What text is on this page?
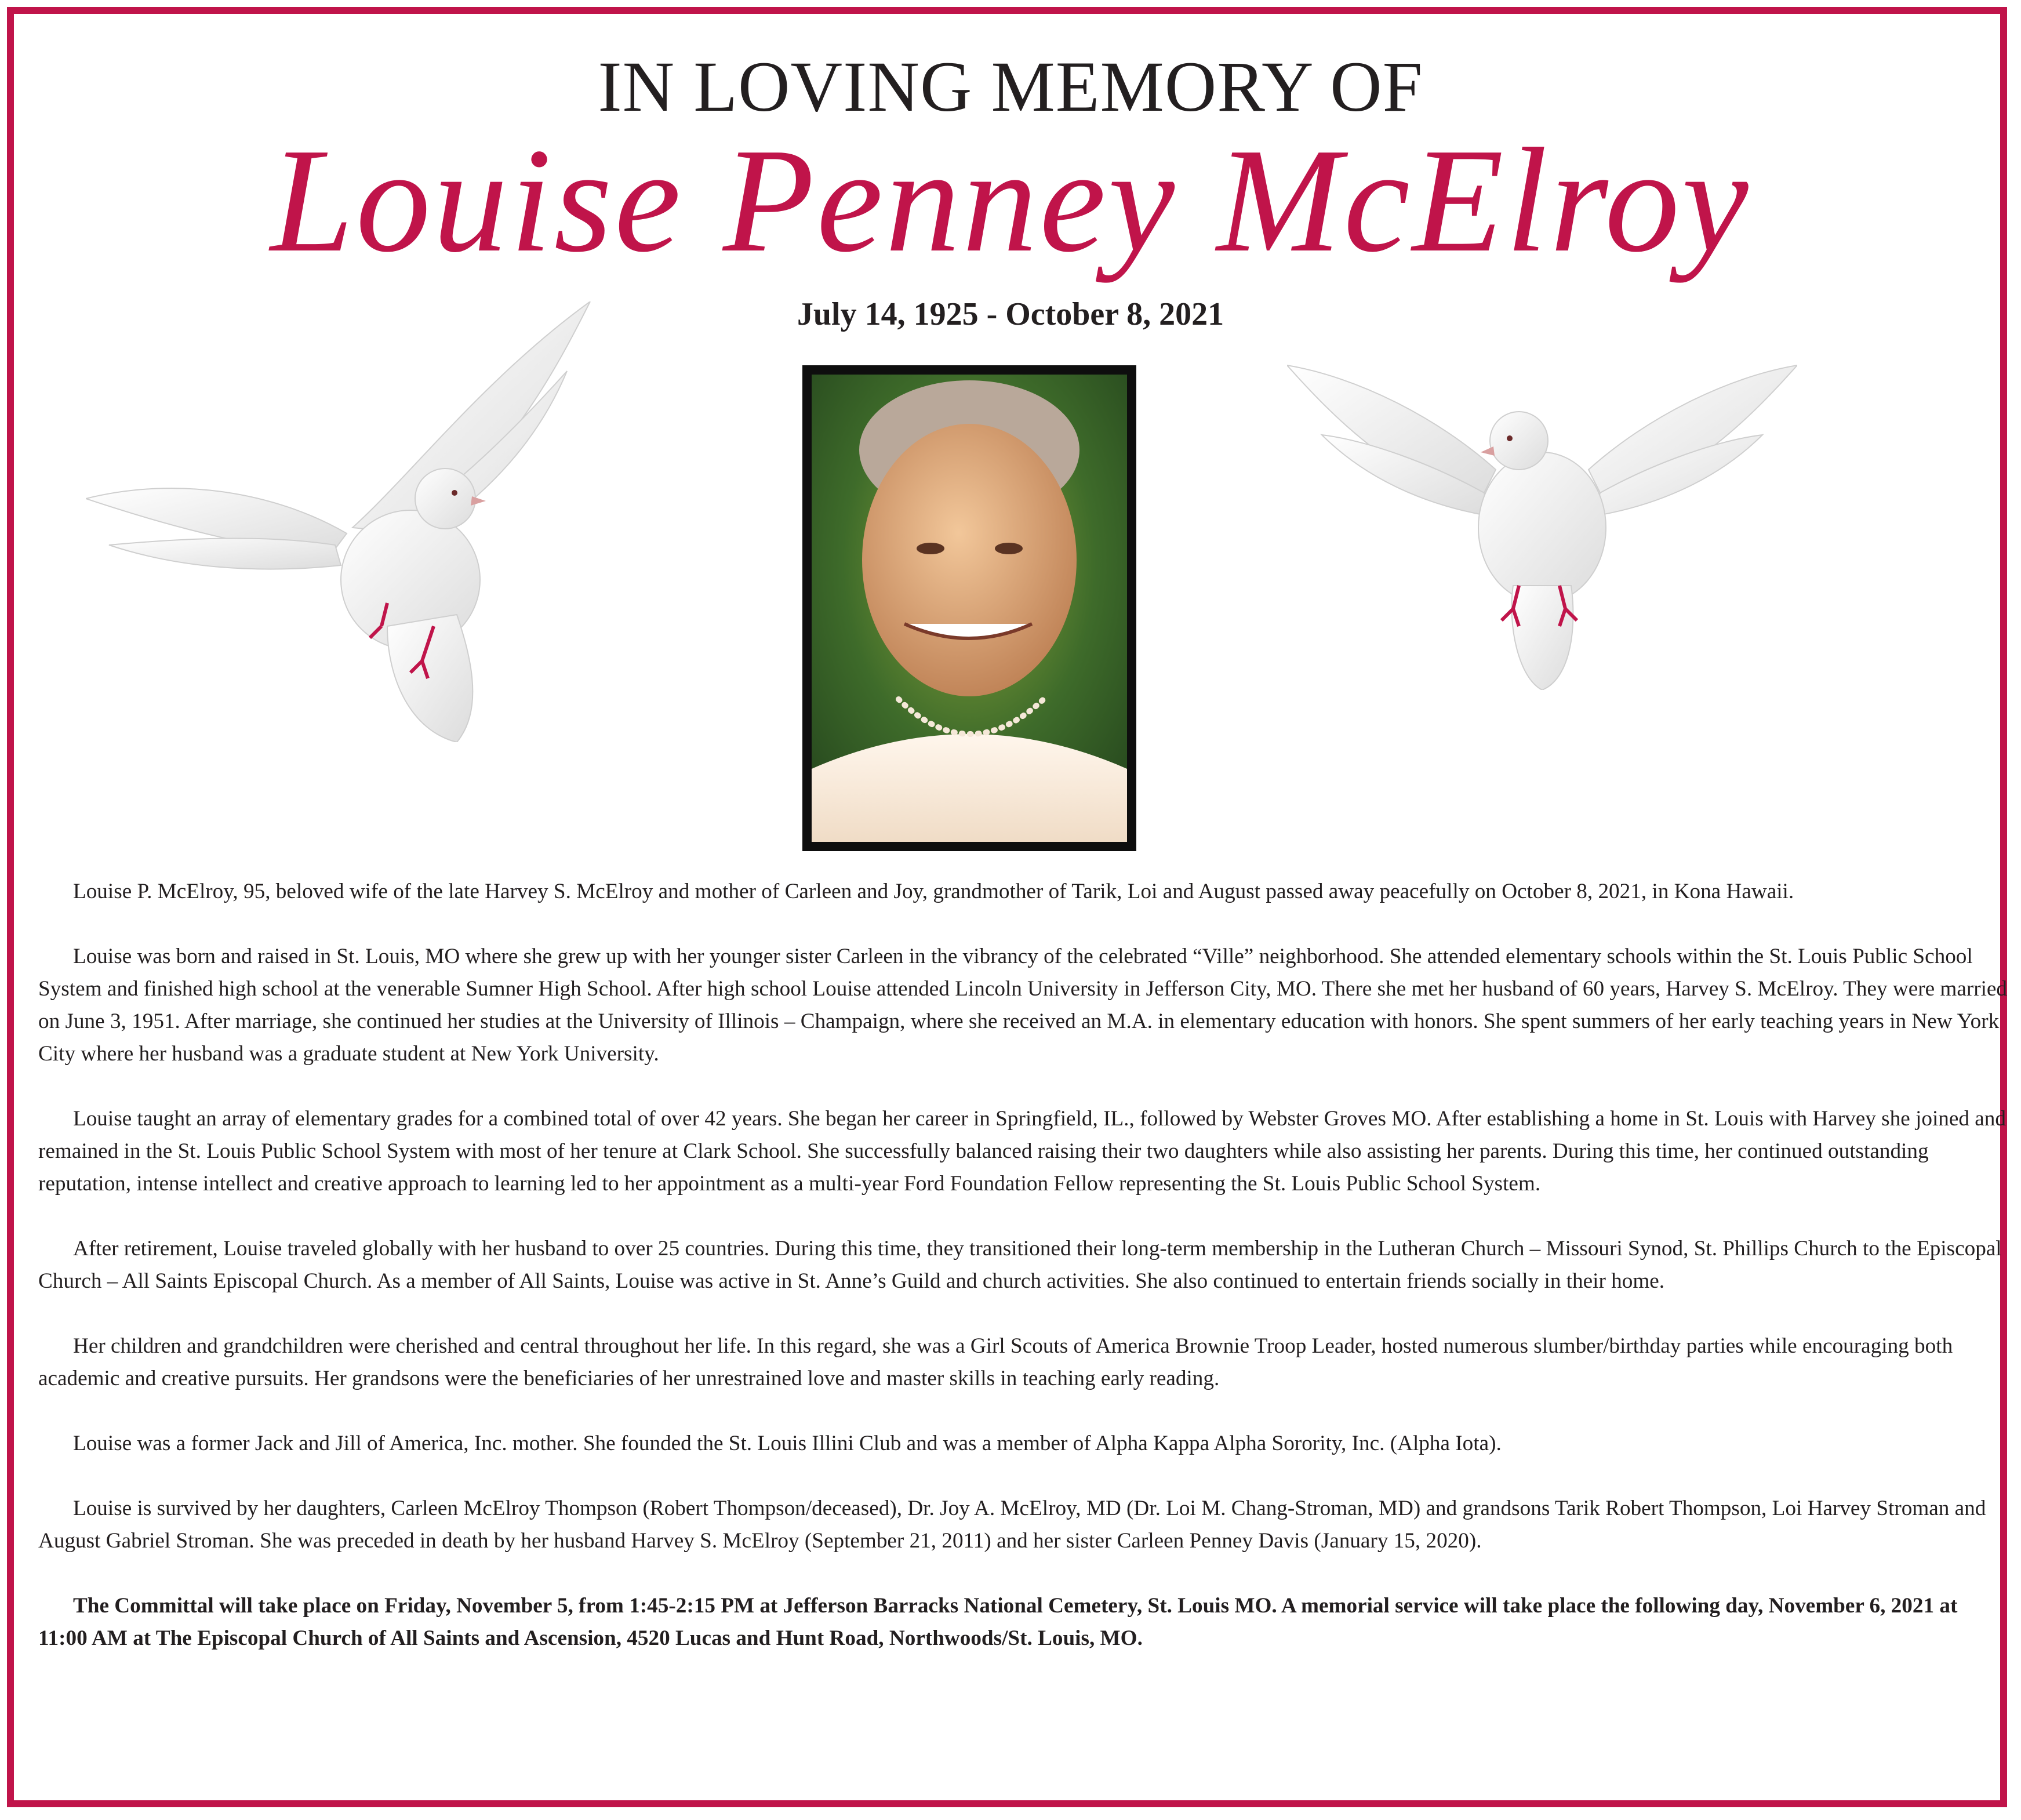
IN LOVING MEMORY OF
Louise Penney McElroy
July 14, 1925 - October 8, 2021

Louise P. McElroy, 95, beloved wife of the late Harvey S. McElroy and mother of Carleen and Joy, grandmother of Tarik, Loi and August passed away peacefully on October 8, 2021, in Kona Hawaii.

Louise was born and raised in St. Louis, MO where she grew up with her younger sister Carleen in the vibrancy of the celebrated “Ville” neighborhood. She attended elementary schools within the St. Louis Public School System and finished high school at the venerable Sumner High School. After high school Louise attended Lincoln University in Jefferson City, MO. There she met her husband of 60 years, Harvey S. McElroy. They were married on June 3, 1951. After marriage, she continued her studies at the University of Illinois – Champaign, where she received an M.A. in elementary education with honors. She spent summers of her early teaching years in New York City where her husband was a graduate student at New York University.

Louise taught an array of elementary grades for a combined total of over 42 years. She began her career in Springfield, IL., followed by Webster Groves MO. After establishing a home in St. Louis with Harvey she joined and remained in the St. Louis Public School System with most of her tenure at Clark School. She successfully balanced raising their two daughters while also assisting her parents. During this time, her continued outstanding reputation, intense intellect and creative approach to learning led to her appointment as a multi-year Ford Foundation Fellow representing the St. Louis Public School System.

After retirement, Louise traveled globally with her husband to over 25 countries. During this time, they transitioned their long-term membership in the Lutheran Church – Missouri Synod, St. Phillips Church to the Episcopal Church – All Saints Episcopal Church. As a member of All Saints, Louise was active in St. Anne’s Guild and church activities. She also continued to entertain friends socially in their home.

Her children and grandchildren were cherished and central throughout her life. In this regard, she was a Girl Scouts of America Brownie Troop Leader, hosted numerous slumber/birthday parties while encouraging both academic and creative pursuits. Her grandsons were the beneficiaries of her unrestrained love and master skills in teaching early reading.

Louise was a former Jack and Jill of America, Inc. mother. She founded the St. Louis Illini Club and was a member of Alpha Kappa Alpha Sorority, Inc. (Alpha Iota).

Louise is survived by her daughters, Carleen McElroy Thompson (Robert Thompson/deceased), Dr. Joy A. McElroy, MD (Dr. Loi M. Chang-Stroman, MD) and grandsons Tarik Robert Thompson, Loi Harvey Stroman and August Gabriel Stroman. She was preceded in death by her husband Harvey S. McElroy (September 21, 2011) and her sister Carleen Penney Davis (January 15, 2020).

The Committal will take place on Friday, November 5, from 1:45-2:15 PM at Jefferson Barracks National Cemetery, St. Louis MO. A memorial service will take place the following day, November 6, 2021 at 11:00 AM at The Episcopal Church of All Saints and Ascension, 4520 Lucas and Hunt Road, Northwoods/St. Louis, MO.
